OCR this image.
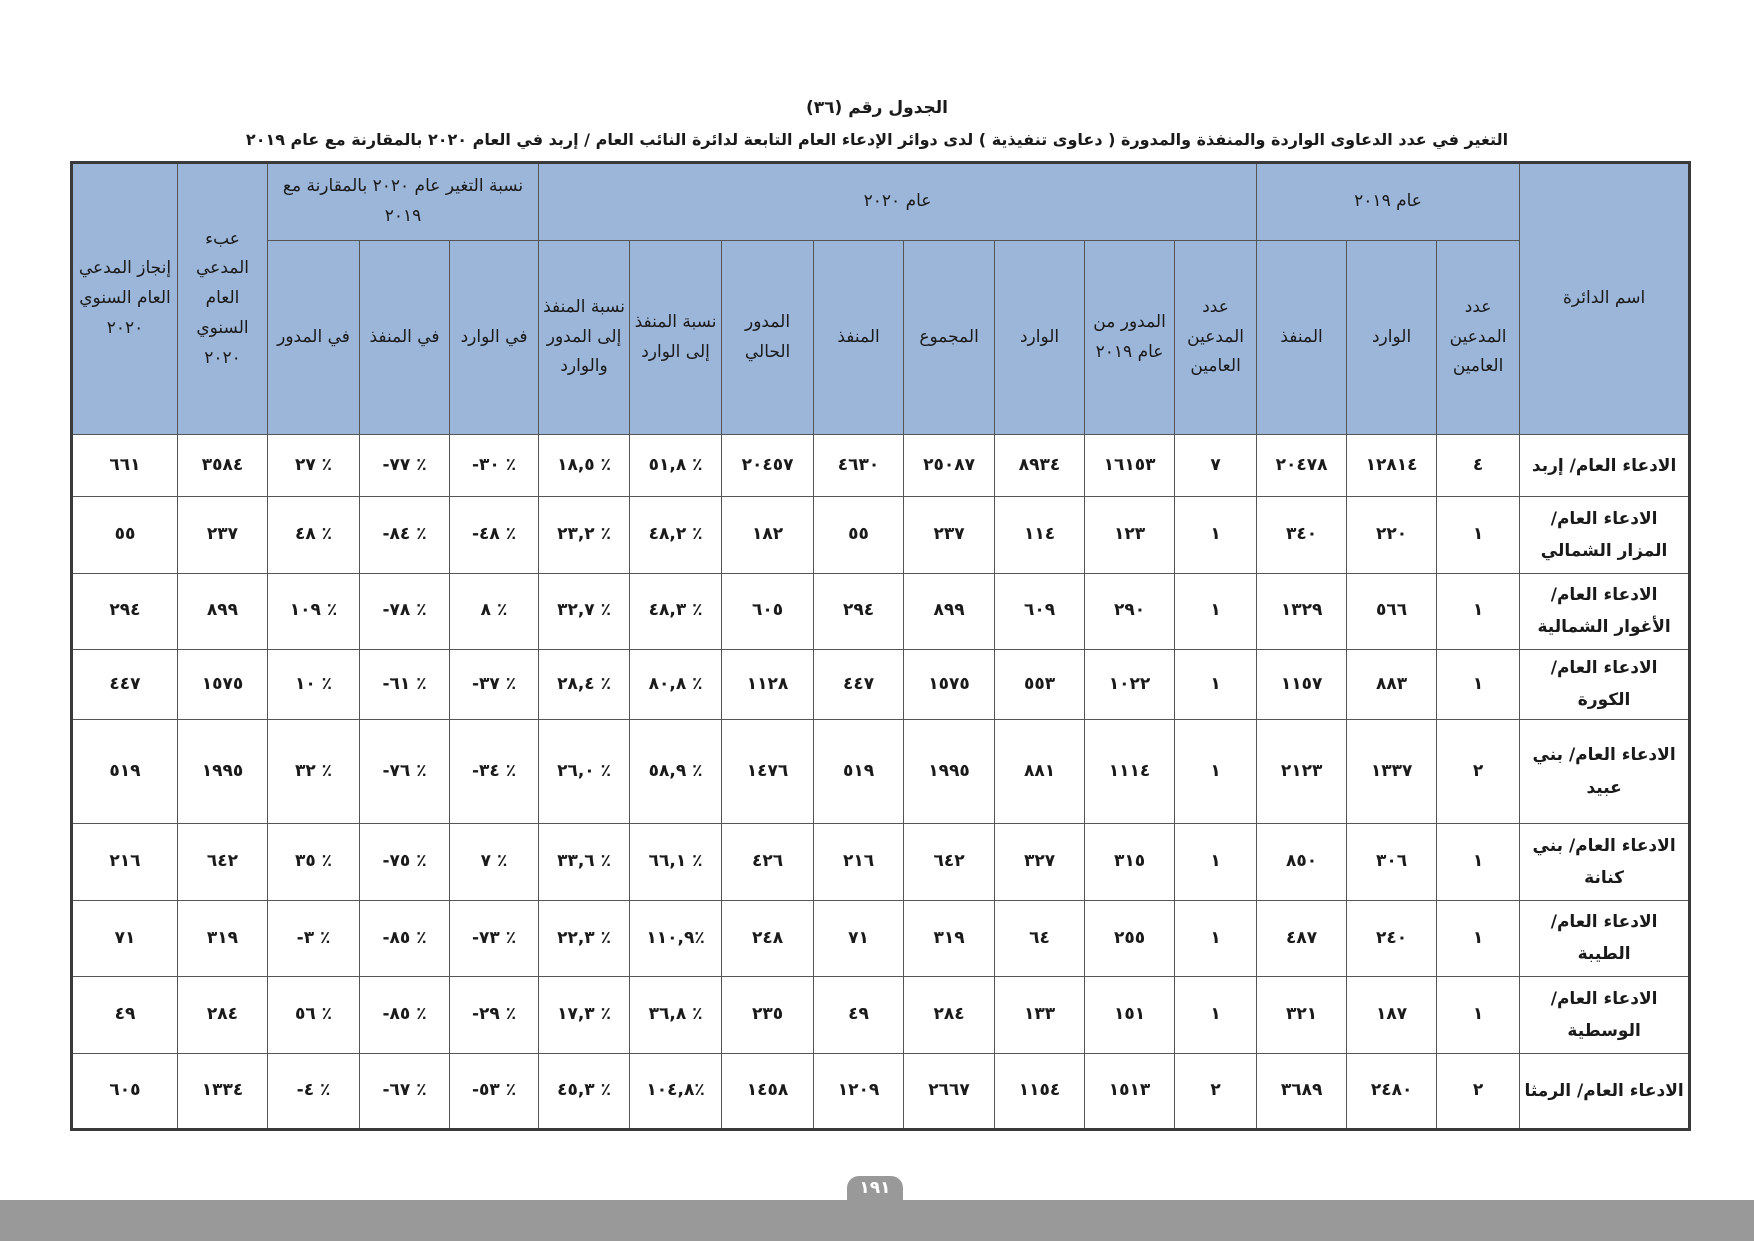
الجدول رقم (٣٦)
التغير في عدد الدعاوى الواردة والمنفذة والمدورة ( دعاوى تنفيذية ) لدى دوائر الإدعاء العام التابعة لدائرة النائب العام / إربد في العام ٢٠٢٠ بالمقارنة مع عام ٢٠١٩
اسم الدائرة	عام ٢٠١٩			عام ٢٠٢٠								نسبة التغير عام ٢٠٢٠ بالمقارنة مع ٢٠١٩			عبء المدعي العام السنوي ٢٠٢٠	إنجاز المدعي العام السنوي ٢٠٢٠
	عدد المدعين العامين	الوارد	المنفذ	عدد المدعين العامين	المدور من عام ٢٠١٩	الوارد	المجموع	المنفذ	المدور الحالي	نسبة المنفذ إلى الوارد	نسبة المنفذ إلى المدور والوارد	في الوارد	في المنفذ	في المدور		
الادعاء العام/ إربد	٤	١٢٨١٤	٢٠٤٧٨	٧	١٦١٥٣	٨٩٣٤	٢٥٠٨٧	٤٦٣٠	٢٠٤٥٧	٪ ٥١,٨	٪ ١٨,٥	٪ ٣٠-	٪ ٧٧-	٪ ٢٧	٣٥٨٤	٦٦١
الادعاء العام/ المزار الشمالي	١	٢٢٠	٣٤٠	١	١٢٣	١١٤	٢٣٧	٥٥	١٨٢	٪ ٤٨,٢	٪ ٢٣,٢	٪ ٤٨-	٪ ٨٤-	٪ ٤٨	٢٣٧	٥٥
الادعاء العام/ الأغوار الشمالية	١	٥٦٦	١٣٢٩	١	٢٩٠	٦٠٩	٨٩٩	٢٩٤	٦٠٥	٪ ٤٨,٣	٪ ٣٢,٧	٪ ٨	٪ ٧٨-	٪ ١٠٩	٨٩٩	٢٩٤
الادعاء العام/ الكورة	١	٨٨٣	١١٥٧	١	١٠٢٢	٥٥٣	١٥٧٥	٤٤٧	١١٢٨	٪ ٨٠,٨	٪ ٢٨,٤	٪ ٣٧-	٪ ٦١-	٪ ١٠	١٥٧٥	٤٤٧
الادعاء العام/ بني عبيد	٢	١٣٣٧	٢١٢٣	١	١١١٤	٨٨١	١٩٩٥	٥١٩	١٤٧٦	٪ ٥٨,٩	٪ ٢٦,٠	٪ ٣٤-	٪ ٧٦-	٪ ٣٢	١٩٩٥	٥١٩
الادعاء العام/ بني كنانة	١	٣٠٦	٨٥٠	١	٣١٥	٣٢٧	٦٤٢	٢١٦	٤٢٦	٪ ٦٦,١	٪ ٣٣,٦	٪ ٧	٪ ٧٥-	٪ ٣٥	٦٤٢	٢١٦
الادعاء العام/ الطيبة	١	٢٤٠	٤٨٧	١	٢٥٥	٦٤	٣١٩	٧١	٢٤٨	٪١١٠,٩	٪ ٢٢,٣	٪ ٧٣-	٪ ٨٥-	٪ ٣-	٣١٩	٧١
الادعاء العام/ الوسطية	١	١٨٧	٣٢١	١	١٥١	١٣٣	٢٨٤	٤٩	٢٣٥	٪ ٣٦,٨	٪ ١٧,٣	٪ ٢٩-	٪ ٨٥-	٪ ٥٦	٢٨٤	٤٩
الادعاء العام/ الرمثا	٢	٢٤٨٠	٣٦٨٩	٢	١٥١٣	١١٥٤	٢٦٦٧	١٢٠٩	١٤٥٨	٪١٠٤,٨	٪ ٤٥,٣	٪ ٥٣-	٪ ٦٧-	٪ ٤-	١٣٣٤	٦٠٥
١٩١
